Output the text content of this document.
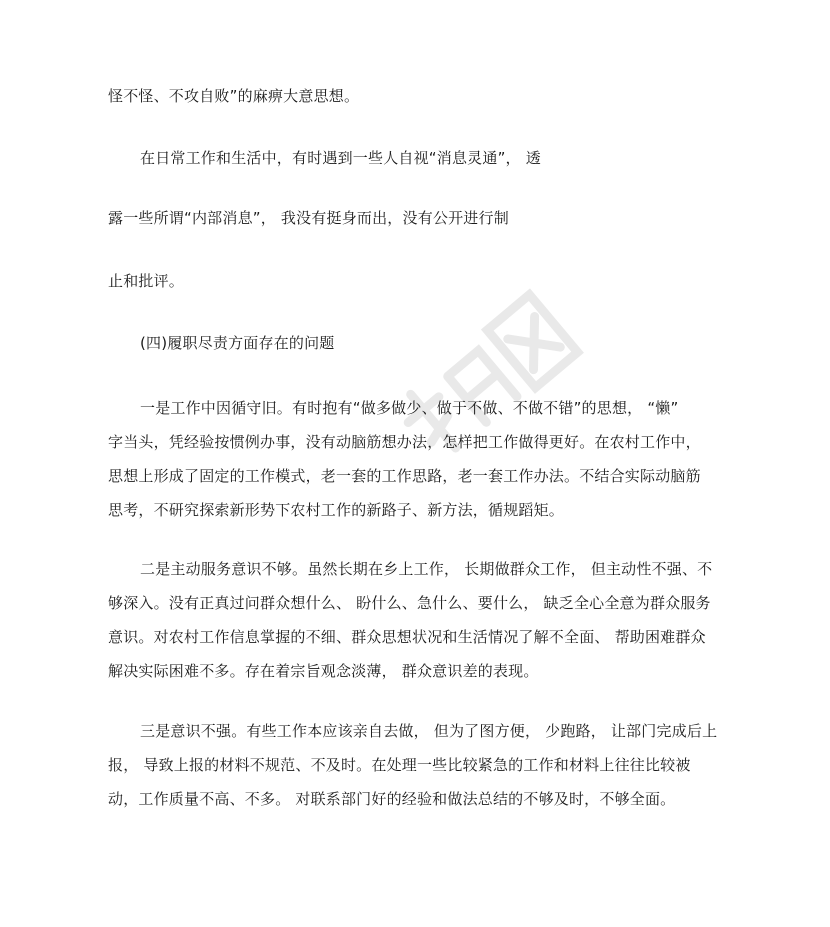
怪不怪、不攻自败”的麻痹大意思想。
在日常工作和生活中，有时遇到一些人自视“消息灵通”， 透
露一些所谓“内部消息”， 我没有挺身而出，没有公开进行制
止和批评。
(四)履职尽责方面存在的问题
一是工作中因循守旧。有时抱有“做多做少、做于不做、不做不错”的思想， “懒”
字当头，凭经验按惯例办事，没有动脑筋想办法，怎样把工作做得更好。在农村工作中，
思想上形成了固定的工作模式，老一套的工作思路，老一套工作办法。不结合实际动脑筋
思考，不研究探索新形势下农村工作的新路子、新方法，循规蹈矩。
二是主动服务意识不够。虽然长期在乡上工作， 长期做群众工作， 但主动性不强、不
够深入。没有正真过问群众想什么、 盼什么、急什么、要什么， 缺乏全心全意为群众服务
意识。对农村工作信息掌握的不细、群众思想状况和生活情况了解不全面、 帮助困难群众
解决实际困难不多。存在着宗旨观念淡薄， 群众意识差的表现。
三是意识不强。有些工作本应该亲自去做， 但为了图方便， 少跑路， 让部门完成后上
报， 导致上报的材料不规范、不及时。在处理一些比较紧急的工作和材料上往往比较被
动，工作质量不高、不多。 对联系部门好的经验和做法总结的不够及时，不够全面。
